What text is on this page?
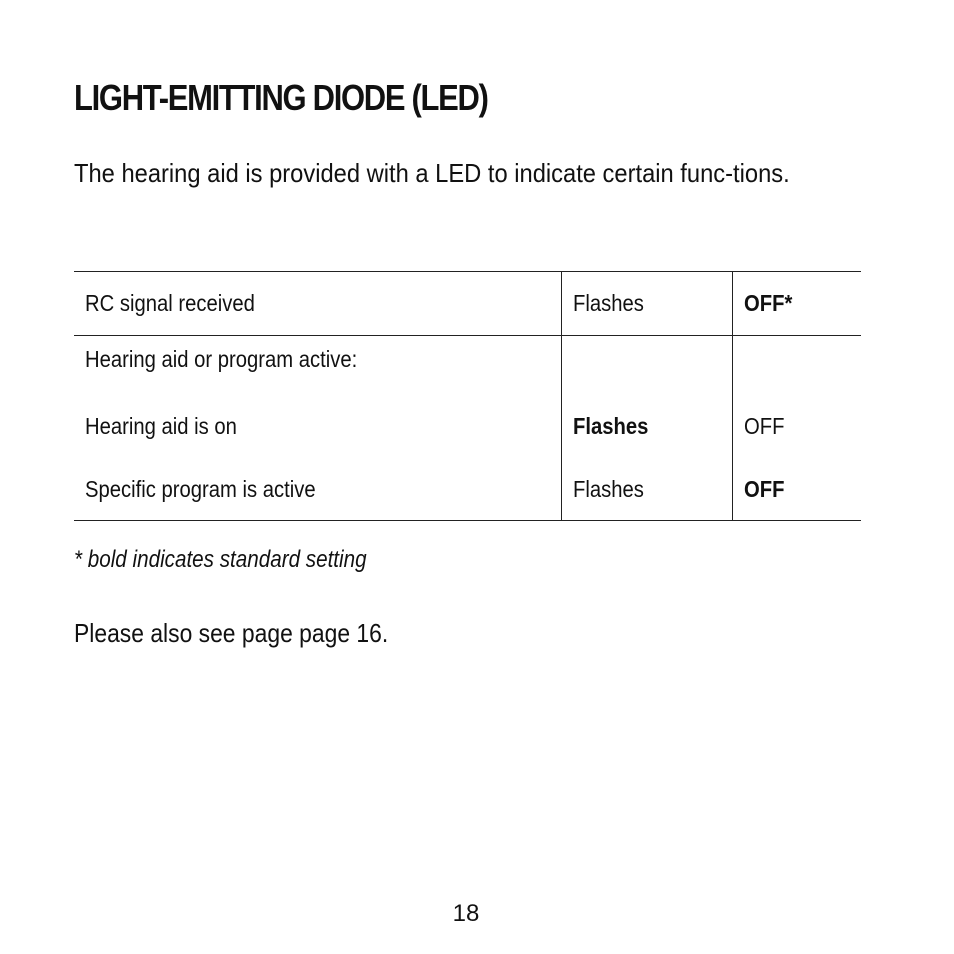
LIGHT-EMITTING DIODE (LED)

The hearing aid is provided with a LED to indicate certain func-tions.

RC signal received	Flashes	OFF*
Hearing aid or program active:		
Hearing aid is on	Flashes	OFF
Specific program is active	Flashes	OFF

* bold indicates standard setting

Please also see page page 16.

18
